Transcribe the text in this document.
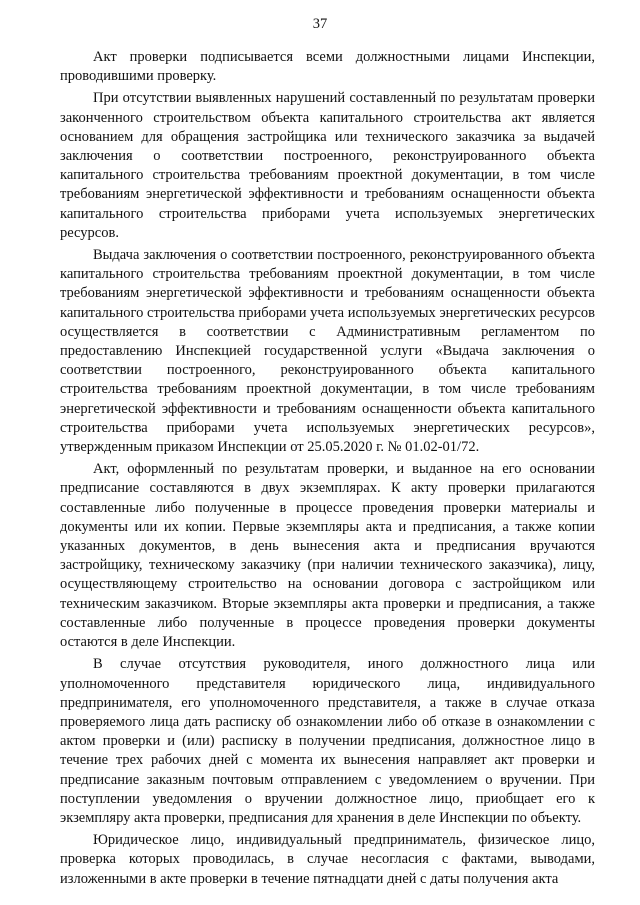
37

Акт проверки подписывается всеми должностными лицами Инспекции, проводившими проверку.

При отсутствии выявленных нарушений составленный по результатам проверки законченного строительством объекта капитального строительства акт является основанием для обращения застройщика или технического заказчика за выдачей заключения о соответствии построенного, реконструированного объекта капитального строительства требованиям проектной документации, в том числе требованиям энергетической эффективности и требованиям оснащенности объекта капитального строительства приборами учета используемых энергетических ресурсов.

Выдача заключения о соответствии построенного, реконструированного объекта капитального строительства требованиям проектной документации, в том числе требованиям энергетической эффективности и требованиям оснащенности объекта капитального строительства приборами учета используемых энергетических ресурсов осуществляется в соответствии с Административным регламентом по предоставлению Инспекцией государственной услуги «Выдача заключения о соответствии построенного, реконструированного объекта капитального строительства требованиям проектной документации, в том числе требованиям энергетической эффективности и требованиям оснащенности объекта капитального строительства приборами учета используемых энергетических ресурсов», утвержденным приказом Инспекции от 25.05.2020 г. № 01.02-01/72.

Акт, оформленный по результатам проверки, и выданное на его основании предписание составляются в двух экземплярах. К акту проверки прилагаются составленные либо полученные в процессе проведения проверки материалы и документы или их копии. Первые экземпляры акта и предписания, а также копии указанных документов, в день вынесения акта и предписания вручаются застройщику, техническому заказчику (при наличии технического заказчика), лицу, осуществляющему строительство на основании договора с застройщиком или техническим заказчиком. Вторые экземпляры акта проверки и предписания, а также составленные либо полученные в процессе проведения проверки документы остаются в деле Инспекции.

В случае отсутствия руководителя, иного должностного лица или уполномоченного представителя юридического лица, индивидуального предпринимателя, его уполномоченного представителя, а также в случае отказа проверяемого лица дать расписку об ознакомлении либо об отказе в ознакомлении с актом проверки и (или) расписку в получении предписания, должностное лицо в течение трех рабочих дней с момента их вынесения направляет акт проверки и предписание заказным почтовым отправлением с уведомлением о вручении. При поступлении уведомления о вручении должностное лицо, приобщает его к экземпляру акта проверки, предписания для хранения в деле Инспекции по объекту.

Юридическое лицо, индивидуальный предприниматель, физическое лицо, проверка которых проводилась, в случае несогласия с фактами, выводами, изложенными в акте проверки в течение пятнадцати дней с даты получения акта
